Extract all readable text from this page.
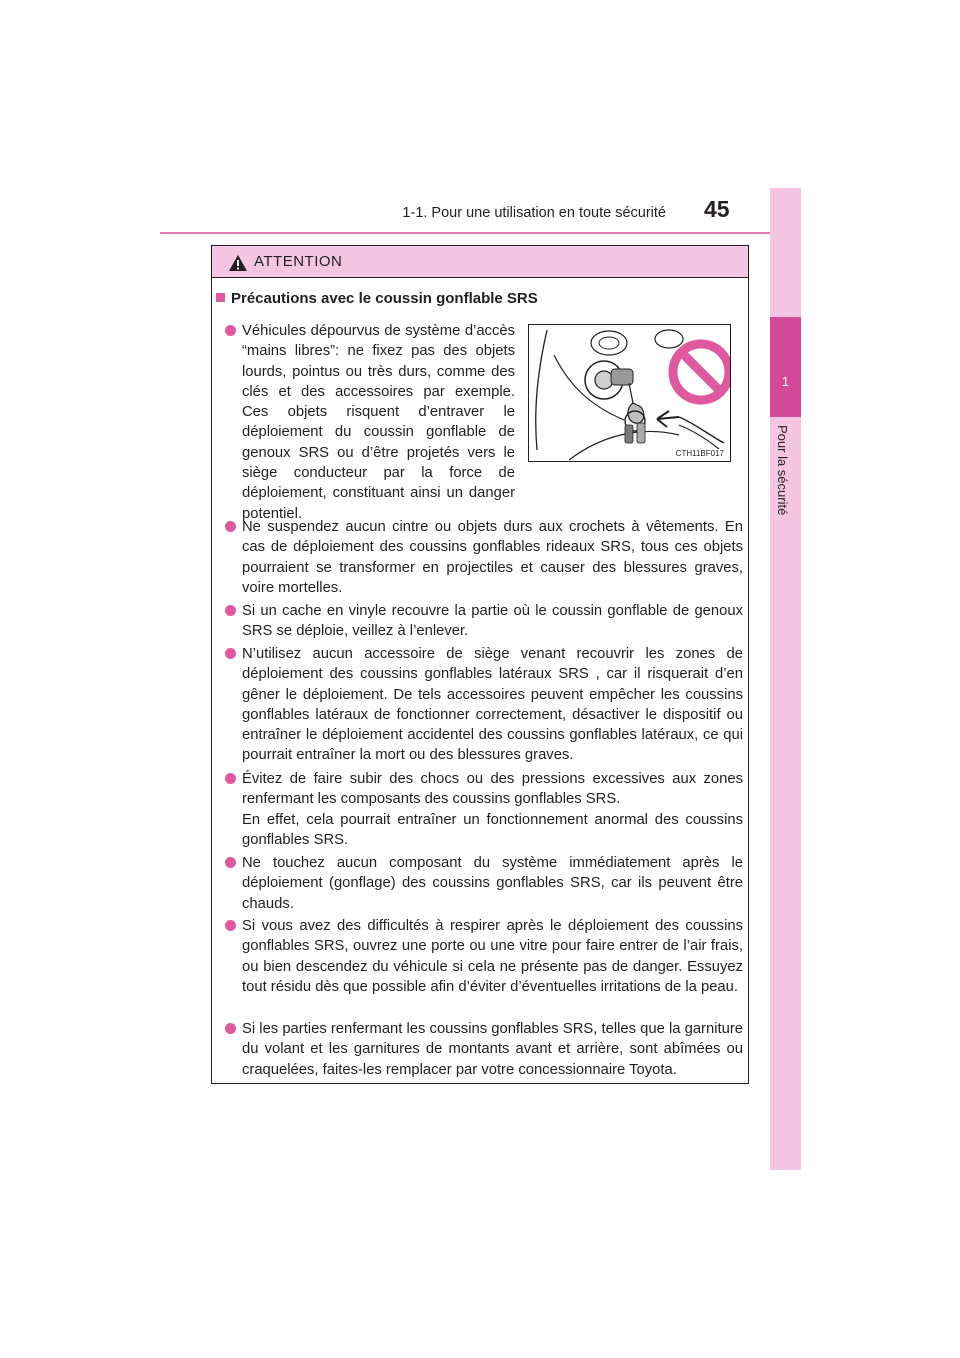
1-1. Pour une utilisation en toute sécurité 45
1
Pour la sécurité
ATTENTION
Précautions avec le coussin gonflable SRS
Véhicules dépourvus de système d’accès “mains libres”: ne fixez pas des objets lourds, pointus ou très durs, comme des clés et des accessoires par exemple. Ces objets risquent d’entraver le déploiement du coussin gonflable de genoux SRS ou d’être projetés vers le siège conducteur par la force de déploiement, constituant ainsi un danger potentiel.
CTH11BF017
Ne suspendez aucun cintre ou objets durs aux crochets à vêtements. En cas de déploiement des coussins gonflables rideaux SRS, tous ces objets pourraient se transformer en projectiles et causer des blessures graves, voire mortelles.
Si un cache en vinyle recouvre la partie où le coussin gonflable de genoux SRS se déploie, veillez à l’enlever.
N’utilisez aucun accessoire de siège venant recouvrir les zones de déploiement des coussins gonflables latéraux SRS , car il risquerait d’en gêner le déploiement. De tels accessoires peuvent empêcher les coussins gonflables latéraux de fonctionner correctement, désactiver le dispositif ou entraîner le déploiement accidentel des coussins gonflables latéraux, ce qui pourrait entraîner la mort ou des blessures graves.
Évitez de faire subir des chocs ou des pressions excessives aux zones renfermant les composants des coussins gonflables SRS.
En effet, cela pourrait entraîner un fonctionnement anormal des coussins gonflables SRS.
Ne touchez aucun composant du système immédiatement après le déploiement (gonflage) des coussins gonflables SRS, car ils peuvent être chauds.
Si vous avez des difficultés à respirer après le déploiement des coussins gonflables SRS, ouvrez une porte ou une vitre pour faire entrer de l’air frais, ou bien descendez du véhicule si cela ne présente pas de danger. Essuyez tout résidu dès que possible afin d’éviter d’éventuelles irritations de la peau.
Si les parties renfermant les coussins gonflables SRS, telles que la garniture du volant et les garnitures de montants avant et arrière, sont abîmées ou craquelées, faites-les remplacer par votre concessionnaire Toyota.
